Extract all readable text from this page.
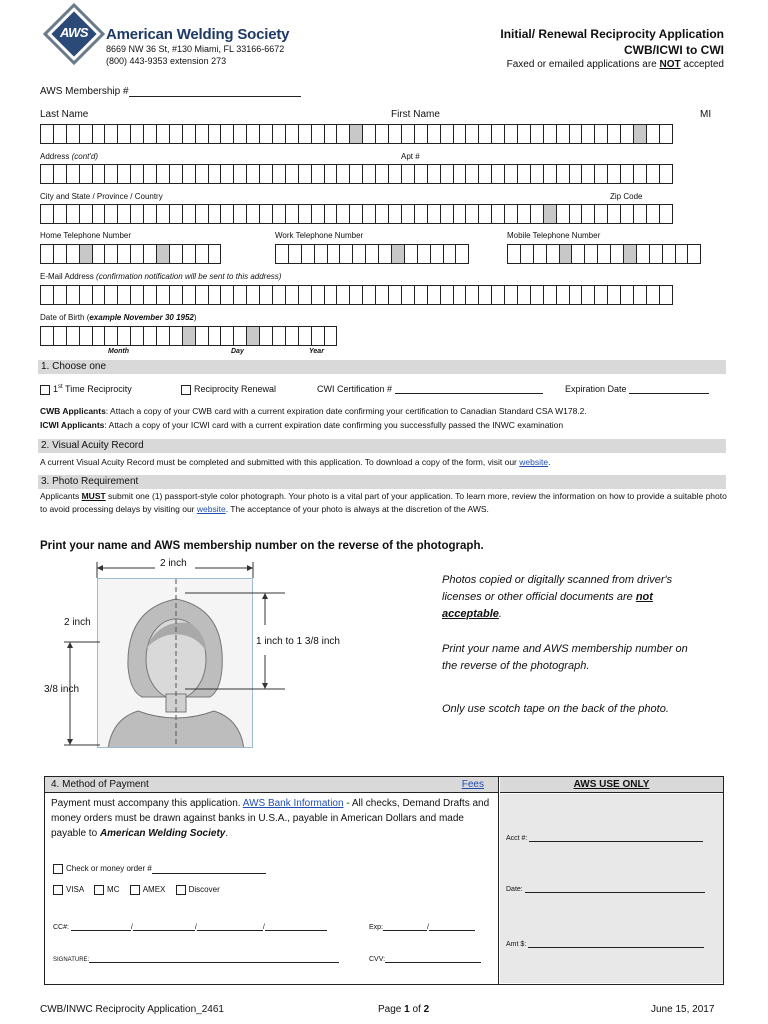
AWS American Welding Society
8669 NW 36 St, #130 Miami, FL 33166-6672
(800) 443-9353 extension 273
Initial/ Renewal Reciprocity Application
CWB/ICWI to CWI
Faxed or emailed applications are NOT accepted
AWS Membership #
Last Name	First Name	MI
Address (cont'd)	Apt #
City and State / Province / Country	Zip Code
Home Telephone Number	Work Telephone Number	Mobile Telephone Number
E-Mail Address (confirmation notification will be sent to this address)
Date of Birth (example November 30 1952)
Month	Day	Year
1. Choose one
1st Time Reciprocity	Reciprocity Renewal	CWI Certification #	Expiration Date
CWB Applicants: Attach a copy of your CWB card with a current expiration date confirming your certification to Canadian Standard CSA W178.2.
ICWI Applicants: Attach a copy of your ICWI card with a current expiration date confirming you successfully passed the INWC examination
2. Visual Acuity Record
A current Visual Acuity Record must be completed and submitted with this application. To download a copy of the form, visit our website.
3. Photo Requirement
Applicants MUST submit one (1) passport-style color photograph. Your photo is a vital part of your application. To learn more, review the information on how to provide a suitable photo to avoid processing delays by visiting our website. The acceptance of your photo is always at the discretion of the AWS.
Print your name and AWS membership number on the reverse of the photograph.
2 inch
2 inch
3/8 inch
1 inch to 1 3/8 inch
Photos copied or digitally scanned from driver's licenses or other official documents are not acceptable.
Print your name and AWS membership number on the reverse of the photograph.
Only use scotch tape on the back of the photo.
4. Method of Payment	Fees
Payment must accompany this application. AWS Bank Information - All checks, Demand Drafts and money orders must be drawn against banks in U.S.A., payable in American Dollars and made payable to American Welding Society.
Check or money order #
VISA	MC	AMEX	Discover
CC#:	/	/	/	Exp:	/
SIGNATURE:	CVV:
AWS USE ONLY
Acct #:
Date:
Amt $:
CWB/INWC Reciprocity Application_2461	Page 1 of 2	June 15, 2017
